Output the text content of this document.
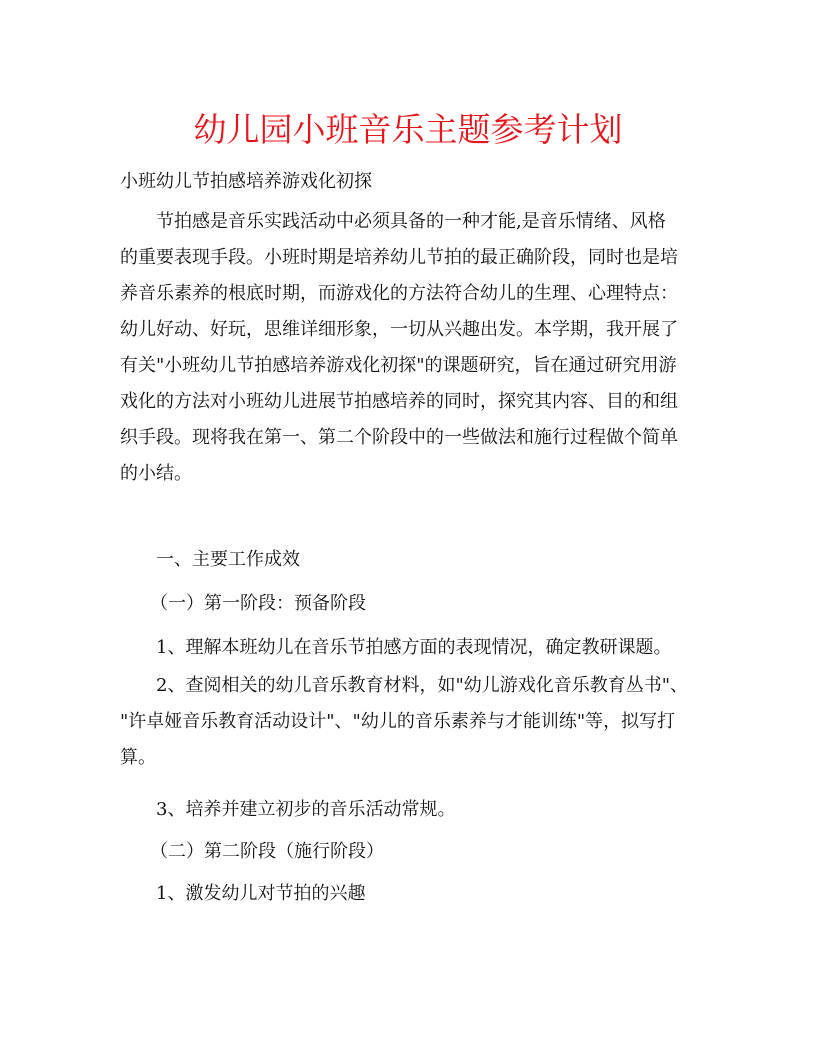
幼儿园小班音乐主题参考计划
小班幼儿节拍感培养游戏化初探
节拍感是音乐实践活动中必须具备的一种才能,是音乐情绪、风格
的重要表现手段。小班时期是培养幼儿节拍的最正确阶段，同时也是培
养音乐素养的根底时期，而游戏化的方法符合幼儿的生理、心理特点：
幼儿好动、好玩，思维详细形象，一切从兴趣出发。本学期，我开展了
有关"小班幼儿节拍感培养游戏化初探"的课题研究，旨在通过研究用游
戏化的方法对小班幼儿进展节拍感培养的同时，探究其内容、目的和组
织手段。现将我在第一、第二个阶段中的一些做法和施行过程做个简单
的小结。
一、主要工作成效
（一）第一阶段：预备阶段
1、理解本班幼儿在音乐节拍感方面的表现情况，确定教研课题。
2、查阅相关的幼儿音乐教育材料，如"幼儿游戏化音乐教育丛书"、
"许卓娅音乐教育活动设计"、"幼儿的音乐素养与才能训练"等，拟写打
算。
3、培养并建立初步的音乐活动常规。
（二）第二阶段（施行阶段）
1、激发幼儿对节拍的兴趣
